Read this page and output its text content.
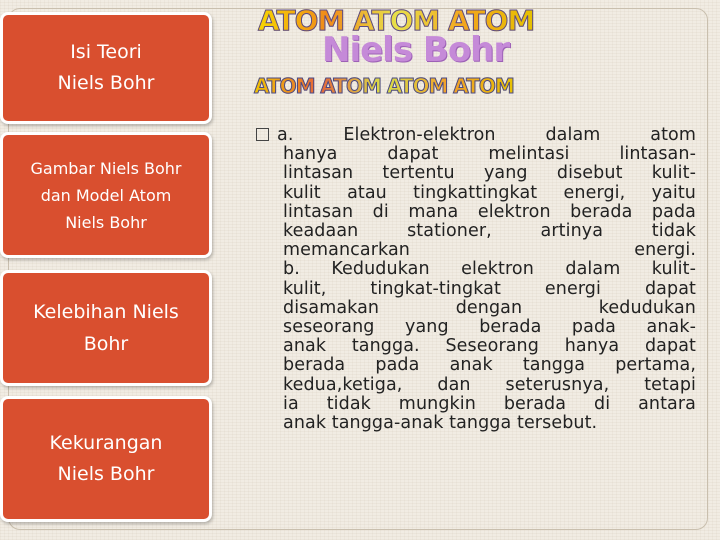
Isi Teori
Niels Bohr
Gambar Niels Bohr
dan Model Atom
Niels Bohr
Kelebihan Niels
Bohr
Kekurangan
Niels Bohr
ATOM ATOM ATOM
Niels Bohr
ATOM ATOM ATOM ATOM
a. Elektron-elektron dalam atom
hanya dapat melintasi lintasan-
lintasan tertentu yang disebut kulit-
kulit atau tingkattingkat energi, yaitu
lintasan di mana elektron berada pada
keadaan stationer, artinya tidak
memancarkan energi.
b. Kedudukan elektron dalam kulit-
kulit, tingkat-tingkat energi dapat
disamakan dengan kedudukan
seseorang yang berada pada anak-
anak tangga. Seseorang hanya dapat
berada pada anak tangga pertama,
kedua,ketiga, dan seterusnya, tetapi
ia tidak mungkin berada di antara
anak tangga-anak tangga tersebut.
